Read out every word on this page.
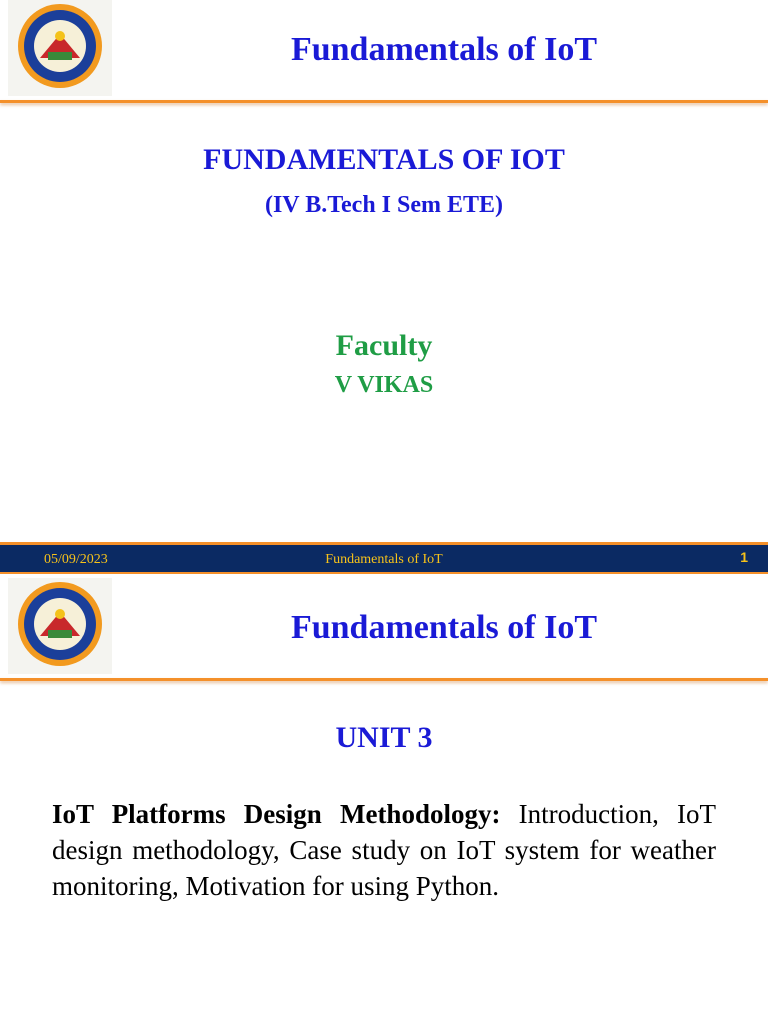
Fundamentals of IoT
FUNDAMENTALS OF IOT
(IV B.Tech I Sem ETE)
Faculty
V VIKAS
05/09/2023	Fundamentals of IoT	1
Fundamentals of IoT
UNIT 3
IoT Platforms Design Methodology: Introduction, IoT design methodology, Case study on IoT system for weather monitoring, Motivation for using Python.
